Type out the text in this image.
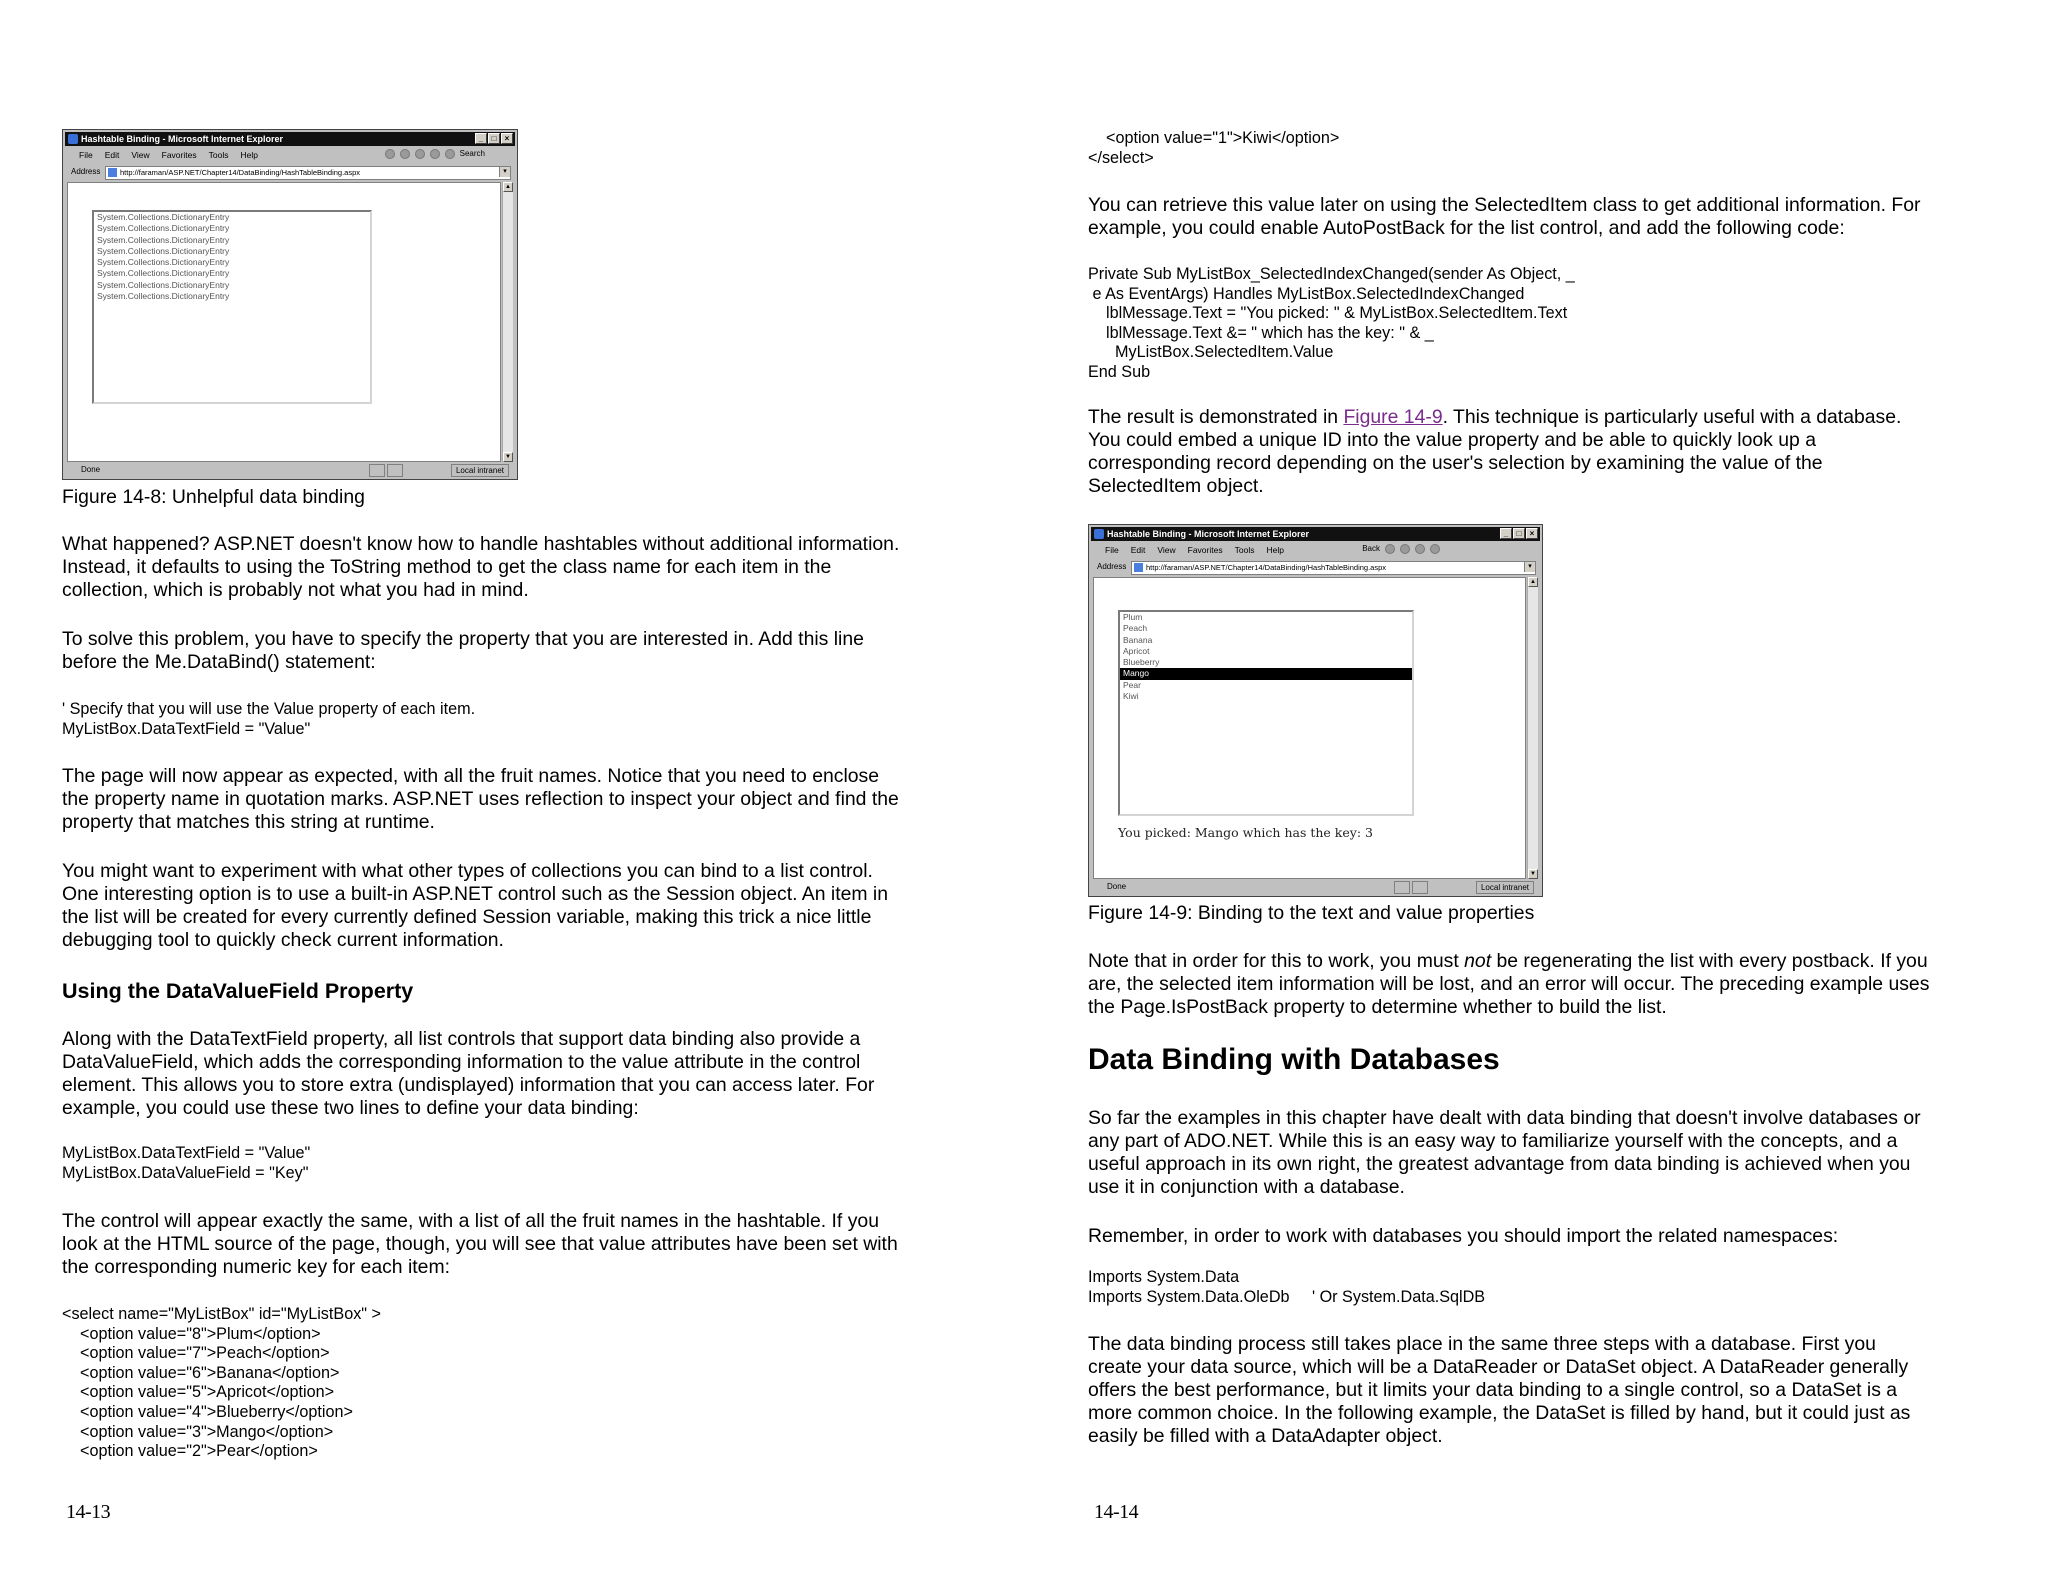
Hashtable Binding - Microsoft Internet Explorer	_	□	×
File Edit View Favorites Tools Help	Search
Address	http://faraman/ASP.NET/Chapter14/DataBinding/HashTableBinding.aspx	▾
System.Collections.DictionaryEntry
System.Collections.DictionaryEntry
System.Collections.DictionaryEntry
System.Collections.DictionaryEntry
System.Collections.DictionaryEntry
System.Collections.DictionaryEntry
System.Collections.DictionaryEntry
System.Collections.DictionaryEntry
▲
▼
Done	Local intranet

Figure 14-8: Unhelpful data binding

What happened? ASP.NET doesn't know how to handle hashtables without additional information.
Instead, it defaults to using the ToString method to get the class name for each item in the
collection, which is probably not what you had in mind.

To solve this problem, you have to specify the property that you are interested in. Add this line
before the Me.DataBind() statement:

' Specify that you will use the Value property of each item.
MyListBox.DataTextField = "Value"

The page will now appear as expected, with all the fruit names. Notice that you need to enclose
the property name in quotation marks. ASP.NET uses reflection to inspect your object and find the
property that matches this string at runtime.

You might want to experiment with what other types of collections you can bind to a list control.
One interesting option is to use a built-in ASP.NET control such as the Session object. An item in
the list will be created for every currently defined Session variable, making this trick a nice little
debugging tool to quickly check current information.

Using the DataValueField Property

Along with the DataTextField property, all list controls that support data binding also provide a
DataValueField, which adds the corresponding information to the value attribute in the control
element. This allows you to store extra (undisplayed) information that you can access later. For
example, you could use these two lines to define your data binding:

MyListBox.DataTextField = "Value"
MyListBox.DataValueField = "Key"

The control will appear exactly the same, with a list of all the fruit names in the hashtable. If you
look at the HTML source of the page, though, you will see that value attributes have been set with
the corresponding numeric key for each item:

<select name="MyListBox" id="MyListBox" >
<option value="8">Plum</option>
<option value="7">Peach</option>
<option value="6">Banana</option>
<option value="5">Apricot</option>
<option value="4">Blueberry</option>
<option value="3">Mango</option>
<option value="2">Pear</option>
14-13
<option value="1">Kiwi</option>
</select>

You can retrieve this value later on using the SelectedItem class to get additional information. For
example, you could enable AutoPostBack for the list control, and add the following code:

Private Sub MyListBox_SelectedIndexChanged(sender As Object, _
e As EventArgs) Handles MyListBox.SelectedIndexChanged
lblMessage.Text = "You picked: " & MyListBox.SelectedItem.Text
lblMessage.Text &= " which has the key: " & _
MyListBox.SelectedItem.Value
End Sub

The result is demonstrated in Figure 14-9. This technique is particularly useful with a database.
You could embed a unique ID into the value property and be able to quickly look up a
corresponding record depending on the user's selection by examining the value of the
SelectedItem object.

Hashtable Binding - Microsoft Internet Explorer	_	□	×
File Edit View Favorites Tools Help	Back
Address	http://faraman/ASP.NET/Chapter14/DataBinding/HashTableBinding.aspx	▾
Plum
Peach
Banana
Apricot
Blueberry
Mango
Pear
Kiwi
You picked: Mango which has the key: 3
▲
▼
Done	Local intranet

Figure 14-9: Binding to the text and value properties

Note that in order for this to work, you must not be regenerating the list with every postback. If you
are, the selected item information will be lost, and an error will occur. The preceding example uses
the Page.IsPostBack property to determine whether to build the list.

Data Binding with Databases

So far the examples in this chapter have dealt with data binding that doesn't involve databases or
any part of ADO.NET. While this is an easy way to familiarize yourself with the concepts, and a
useful approach in its own right, the greatest advantage from data binding is achieved when you
use it in conjunction with a database.

Remember, in order to work with databases you should import the related namespaces:

Imports System.Data
Imports System.Data.OleDb     ' Or System.Data.SqlDB

The data binding process still takes place in the same three steps with a database. First you
create your data source, which will be a DataReader or DataSet object. A DataReader generally
offers the best performance, but it limits your data binding to a single control, so a DataSet is a
more common choice. In the following example, the DataSet is filled by hand, but it could just as
easily be filled with a DataAdapter object.

14-14
